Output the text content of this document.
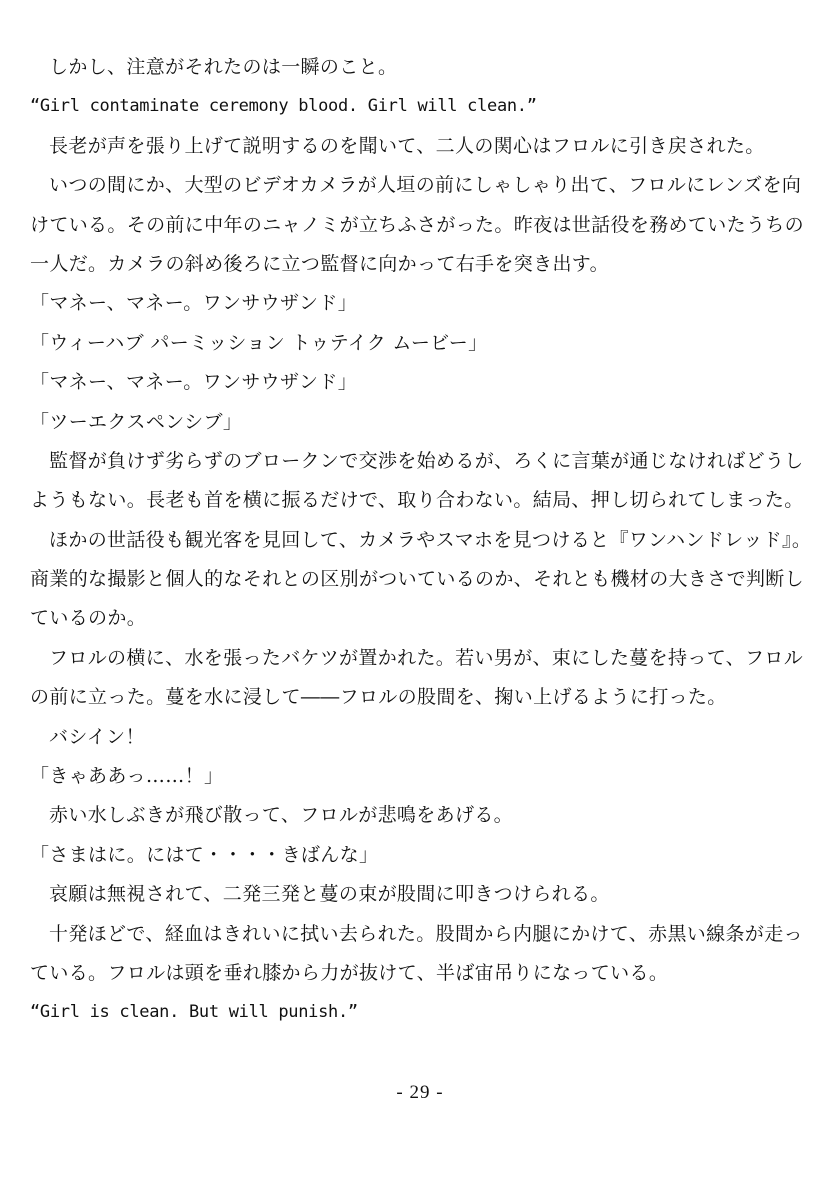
しかし、注意がそれたのは一瞬のこと。
“Girl contaminate ceremony blood. Girl will clean.”
長老が声を張り上げて説明するのを聞いて、二人の関心はフロルに引き戻された。
いつの間にか、大型のビデオカメラが人垣の前にしゃしゃり出て、フロルにレンズを向
けている。その前に中年のニャノミが立ちふさがった。昨夜は世話役を務めていたうちの
一人だ。カメラの斜め後ろに立つ監督に向かって右手を突き出す。
「マネー、マネー。ワンサウザンド」
「ウィーハブ パーミッション トゥテイク ムービー」
「マネー、マネー。ワンサウザンド」
「ツーエクスペンシブ」
監督が負けず劣らずのブロークンで交渉を始めるが、ろくに言葉が通じなければどうし
ようもない。長老も首を横に振るだけで、取り合わない。結局、押し切られてしまった。
ほかの世話役も観光客を見回して、カメラやスマホを見つけると『ワンハンドレッド』。
商業的な撮影と個人的なそれとの区別がついているのか、それとも機材の大きさで判断し
ているのか。
フロルの横に、水を張ったバケツが置かれた。若い男が、束にした蔓を持って、フロル
の前に立った。蔓を水に浸して――フロルの股間を、掬い上げるように打った。
バシイン！
「きゃああっ……！」
赤い水しぶきが飛び散って、フロルが悲鳴をあげる。
「さまはに。にはて・・・・き
ば
ん
な」
哀願は無視されて、二発三発と蔓の束が股間に叩きつけられる。
十発ほどで、経血はきれいに拭い去られた。股間から内腿にかけて、赤黒い線条が走っ
ている。フロルは頭を垂れ膝から力が抜けて、半ば宙吊りになっている。
“Girl is clean. But will punish.”
- 29 -
